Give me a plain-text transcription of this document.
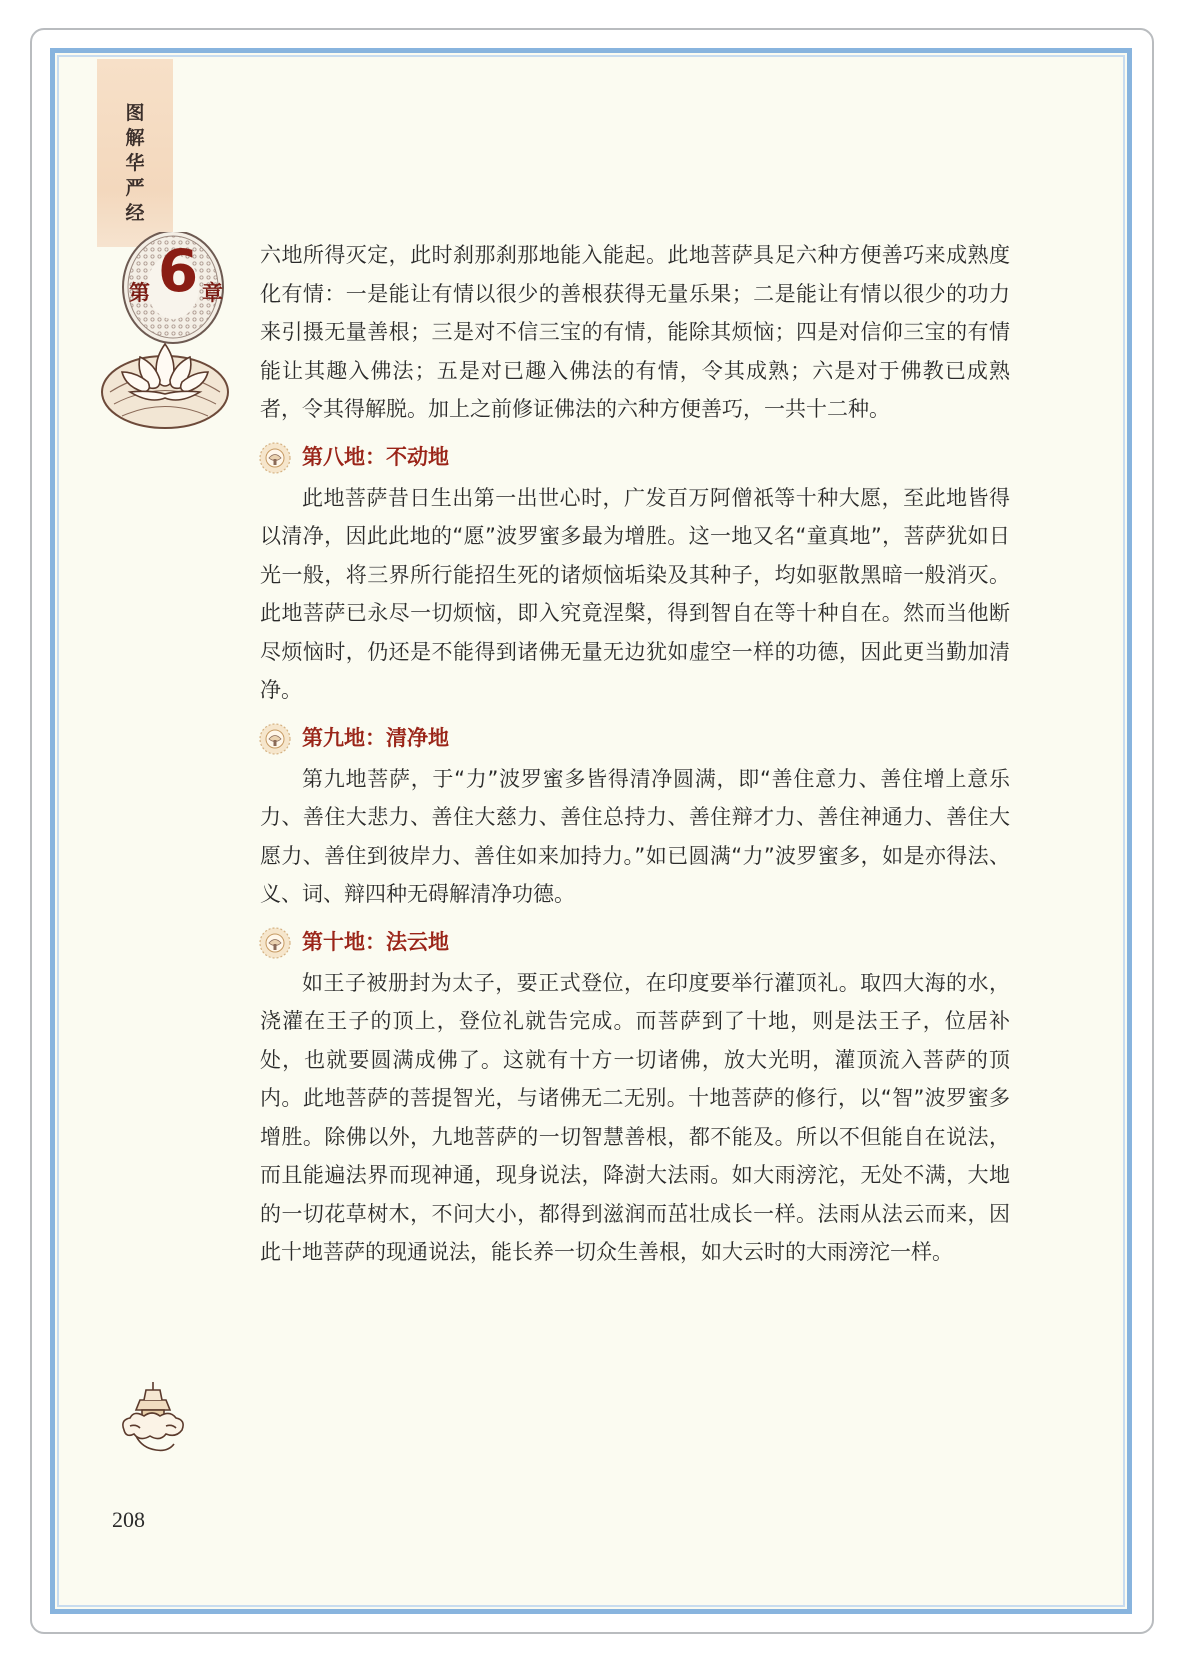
图
解
华
严
经
第 6 章

六地所得灭定，此时刹那刹那地能入能起。此地菩萨具足六种方便善巧来成熟度化有情：一是能让有情以很少的善根获得无量乐果；二是能让有情以很少的功力来引摄无量善根；三是对不信三宝的有情，能除其烦恼；四是对信仰三宝的有情能让其趣入佛法；五是对已趣入佛法的有情，令其成熟；六是对于佛教已成熟者，令其得解脱。加上之前修证佛法的六种方便善巧，一共十二种。

第八地：不动地

此地菩萨昔日生出第一出世心时，广发百万阿僧祇等十种大愿，至此地皆得以清净，因此此地的“愿”波罗蜜多最为增胜。这一地又名“童真地”，菩萨犹如日光一般，将三界所行能招生死的诸烦恼垢染及其种子，均如驱散黑暗一般消灭。此地菩萨已永尽一切烦恼，即入究竟涅槃，得到智自在等十种自在。然而当他断尽烦恼时，仍还是不能得到诸佛无量无边犹如虚空一样的功德，因此更当勤加清净。

第九地：清净地

第九地菩萨，于“力”波罗蜜多皆得清净圆满，即“善住意力、善住增上意乐力、善住大悲力、善住大慈力、善住总持力、善住辩才力、善住神通力、善住大愿力、善住到彼岸力、善住如来加持力。”如已圆满“力”波罗蜜多，如是亦得法、义、词、辩四种无碍解清净功德。

第十地：法云地

如王子被册封为太子，要正式登位，在印度要举行灌顶礼。取四大海的水，浇灌在王子的顶上，登位礼就告完成。而菩萨到了十地，则是法王子，位居补处，也就要圆满成佛了。这就有十方一切诸佛，放大光明，灌顶流入菩萨的顶内。此地菩萨的菩提智光，与诸佛无二无别。十地菩萨的修行，以“智”波罗蜜多增胜。除佛以外，九地菩萨的一切智慧善根，都不能及。所以不但能自在说法，而且能遍法界而现神通，现身说法，降澍大法雨。如大雨滂沱，无处不满，大地的一切花草树木，不问大小，都得到滋润而茁壮成长一样。法雨从法云而来，因此十地菩萨的现通说法，能长养一切众生善根，如大云时的大雨滂沱一样。

208
